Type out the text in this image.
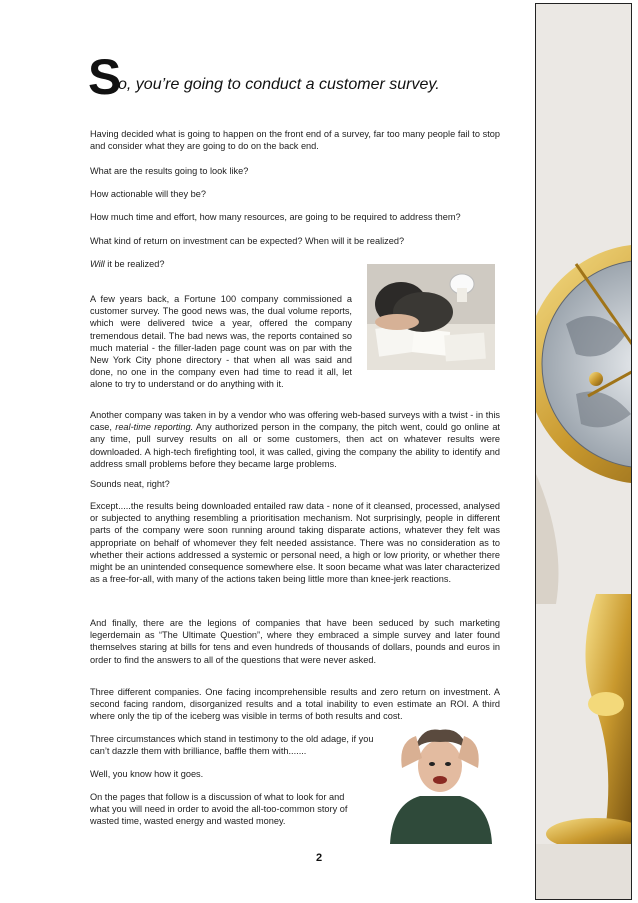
S
o, you’re going to conduct a customer survey.
Having decided what is going to happen on the front end of a survey, far too many people fail to stop and consider what they are going to do on the back end.
What are the results going to look like?
How actionable will they be?
How much time and effort, how many resources, are going to be required to address them?
What kind of return on investment can be expected? When will it be realized?
Will it be realized?
A few years back, a Fortune 100 company commissioned a customer survey. The good news was, the dual volume reports, which were delivered twice a year, offered the company tremendous detail. The bad news was, the reports contained so much material - the filler-laden page count was on par with the New York City phone directory - that when all was said and done, no one in the company even had time to read it all, let alone to try to understand or do anything with it.
Another company was taken in by a vendor who was offering web-based surveys with a twist - in this case, real-time reporting. Any authorized person in the company, the pitch went, could go online at any time, pull survey results on all or some customers, then act on whatever results were downloaded. A high-tech firefighting tool, it was called, giving the company the ability to identify and address small problems before they became large problems.
Sounds neat, right?
Except.....the results being downloaded entailed raw data - none of it cleansed, processed, analysed or subjected to anything resembling a prioritisation mechanism. Not surprisingly, people in different parts of the company were soon running around taking disparate actions, whatever they felt was appropriate on behalf of whomever they felt needed assistance. There was no consideration as to whether their actions addressed a systemic or personal need, a high or low priority, or whether there might be an unintended consequence somewhere else. It soon became what was later characterized as a free-for-all, with many of the actions taken being little more than knee-jerk reactions.
And finally, there are the legions of companies that have been seduced by such marketing legerdemain as “The Ultimate Question”, where they embraced a simple survey and later found themselves staring at bills for tens and even hundreds of thousands of dollars, pounds and euros in order to find the answers to all of the questions that were never asked.
Three different companies. One facing incomprehensible results and zero return on investment. A second facing random, disorganized results and a total inability to even estimate an ROI. A third where only the tip of the iceberg was visible in terms of both results and cost.
Three circumstances which stand in testimony to the old adage, if you can’t dazzle them with brilliance, baffle them with.......
Well, you know how it goes.
On the pages that follow is a discussion of what to look for and what you will need in order to avoid the all-too-common story of wasted time, wasted energy and wasted money.
2
